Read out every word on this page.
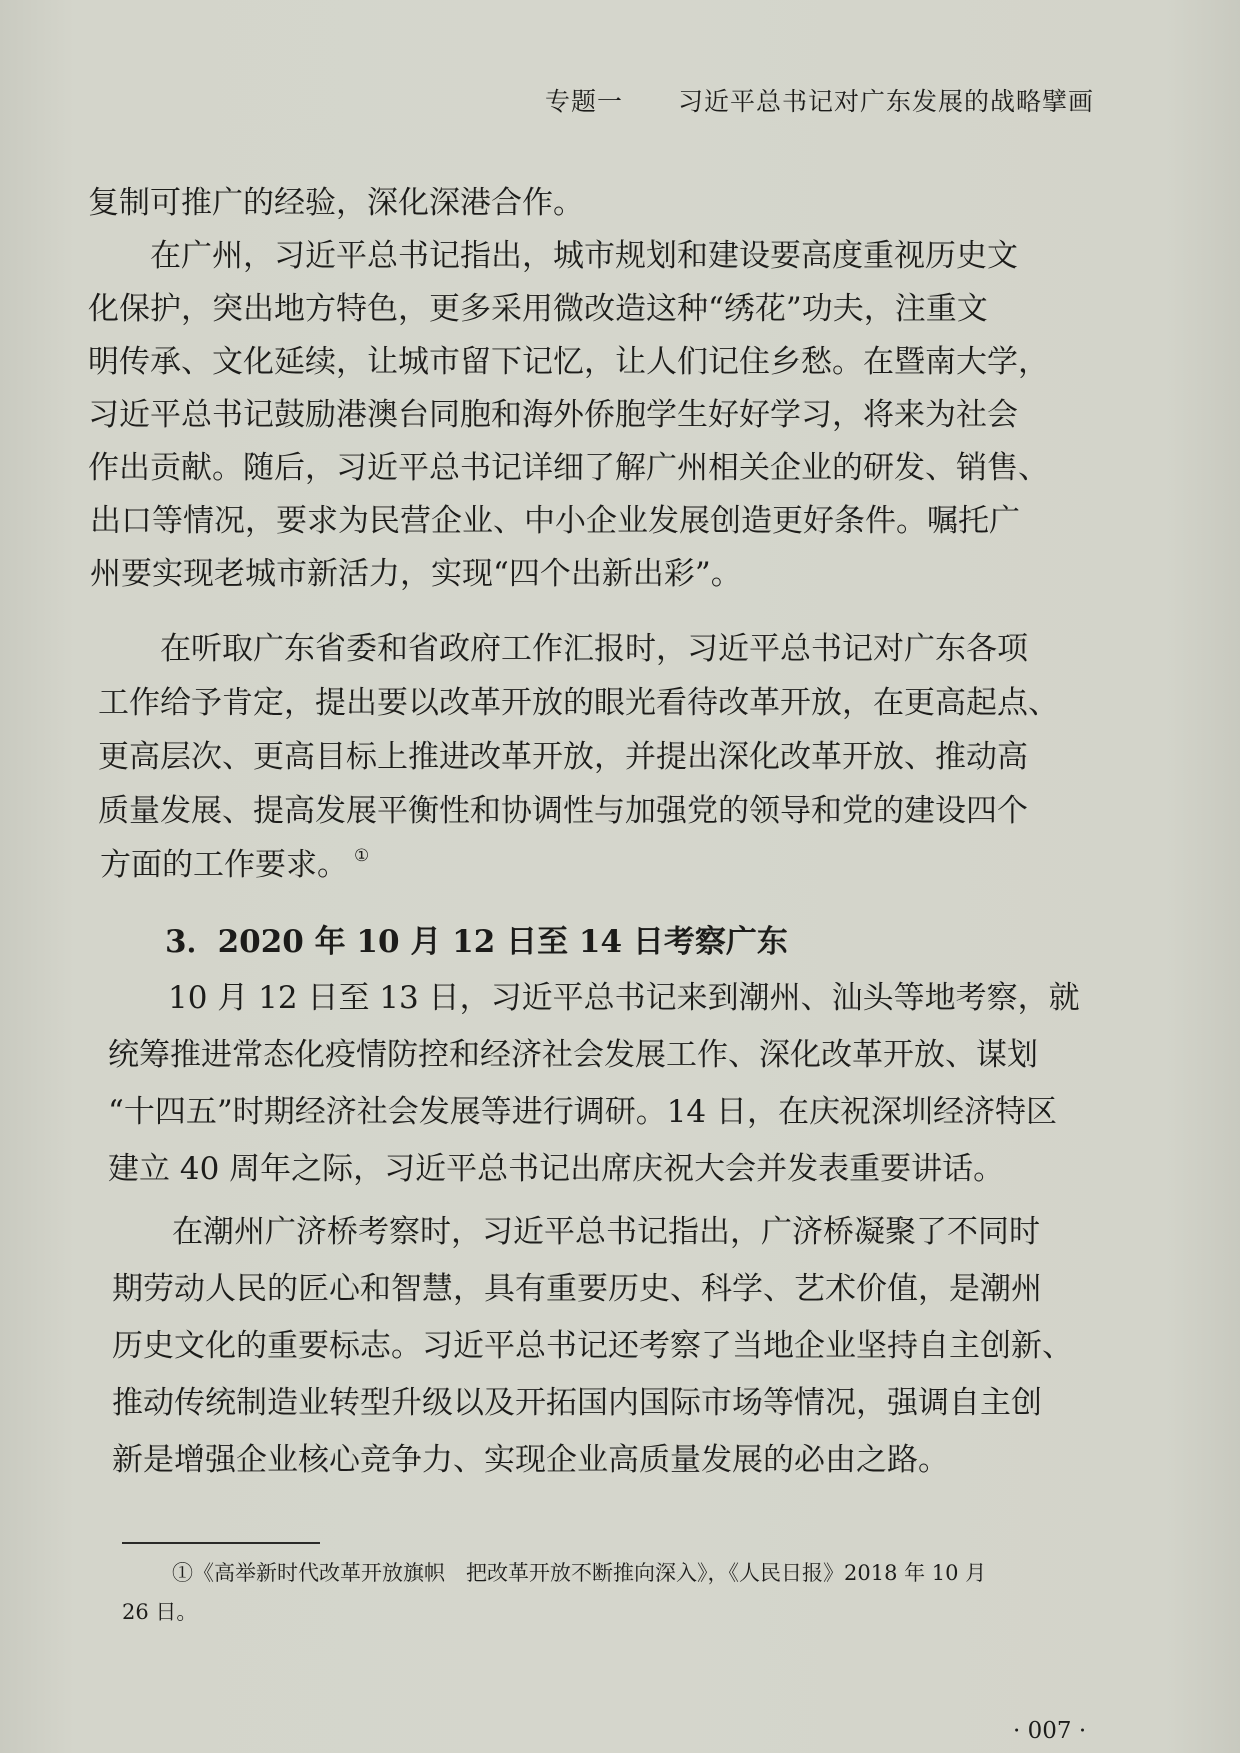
专题一 习近平总书记对广东发展的战略擘画
复制可推广的经验，深化深港合作。
在广州，习近平总书记指出，城市规划和建设要高度重视历史文
化保护，突出地方特色，更多采用微改造这种“绣花”功夫，注重文
明传承、文化延续，让城市留下记忆，让人们记住乡愁。在暨南大学，
习近平总书记鼓励港澳台同胞和海外侨胞学生好好学习，将来为社会
作出贡献。随后，习近平总书记详细了解广州相关企业的研发、销售、
出口等情况，要求为民营企业、中小企业发展创造更好条件。嘱托广
州要实现老城市新活力，实现“四个出新出彩”。
在听取广东省委和省政府工作汇报时，习近平总书记对广东各项
工作给予肯定，提出要以改革开放的眼光看待改革开放，在更高起点、
更高层次、更高目标上推进改革开放，并提出深化改革开放、推动高
质量发展、提高发展平衡性和协调性与加强党的领导和党的建设四个
方面的工作要求。 ①
3．2020 年 10 月 12 日至 14 日考察广东
10 月 12 日至 13 日，习近平总书记来到潮州、汕头等地考察，就
统筹推进常态化疫情防控和经济社会发展工作、深化改革开放、谋划
“十四五”时期经济社会发展等进行调研。14 日，在庆祝深圳经济特区
建立 40 周年之际，习近平总书记出席庆祝大会并发表重要讲话。
在潮州广济桥考察时，习近平总书记指出，广济桥凝聚了不同时
期劳动人民的匠心和智慧，具有重要历史、科学、艺术价值，是潮州
历史文化的重要标志。习近平总书记还考察了当地企业坚持自主创新、
推动传统制造业转型升级以及开拓国内国际市场等情况，强调自主创
新是增强企业核心竞争力、实现企业高质量发展的必由之路。
①《高举新时代改革开放旗帜　把改革开放不断推向深入》，《人民日报》2018 年 10 月
26 日。
· 007 ·
